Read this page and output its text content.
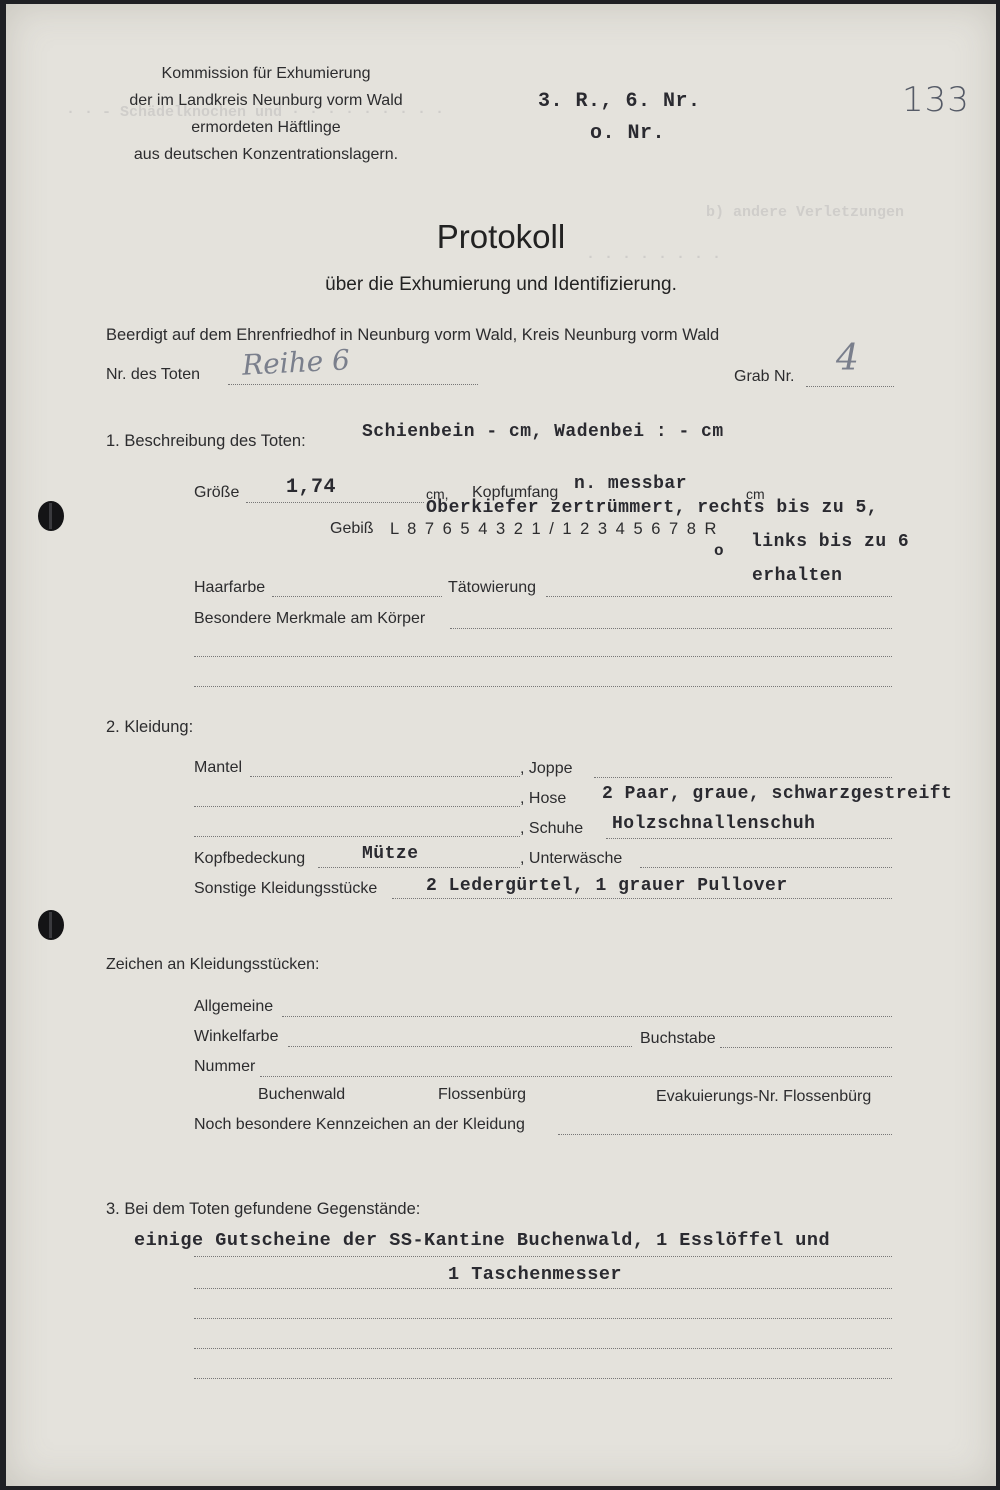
· · - Schädelknochen und · · · · · · · · ·
b) andere Verletzungen
· · · · · · · ·
Kommission für Exhumierung
der im Landkreis Neunburg vorm Wald
ermordeten Häftlinge
aus deutschen Konzentrationslagern.
3. R., 6. Nr.
o. Nr.
133
Protokoll
über die Exhumierung und Identifizierung.
Beerdigt auf dem Ehrenfriedhof in Neunburg vorm Wald, Kreis Neunburg vorm Wald
Nr. des Toten Reihe 6	Grab Nr. 4
1. Beschreibung des Toten:	Schienbein - cm, Wadenbei : - cm
Größe 1,74	cm, Kopfumfang n. messbar	cm
Oberkiefer zertrümmert, rechts bis zu 5,
Gebiß L 8 7 6 5 4 3 2 1 / 1 2 3 4 5 6 7 8 R
links bis zu 6
o
erhalten
Haarfarbe	Tätowierung
Besondere Merkmale am Körper
2. Kleidung:
Mantel	, Joppe
, Hose 2 Paar, graue, schwarzgestreift
, Schuhe Holzschnallenschuh
Kopfbedeckung	Mütze	, Unterwäsche
Sonstige Kleidungsstücke	2 Ledergürtel, 1 grauer Pullover
Zeichen an Kleidungsstücken:
Allgemeine
Winkelfarbe	Buchstabe
Nummer
Buchenwald	Flossenbürg	Evakuierungs-Nr. Flossenbürg
Noch besondere Kennzeichen an der Kleidung
3. Bei dem Toten gefundene Gegenstände:
einige Gutscheine der SS-Kantine Buchenwald, 1 Esslöffel und
1 Taschenmesser
